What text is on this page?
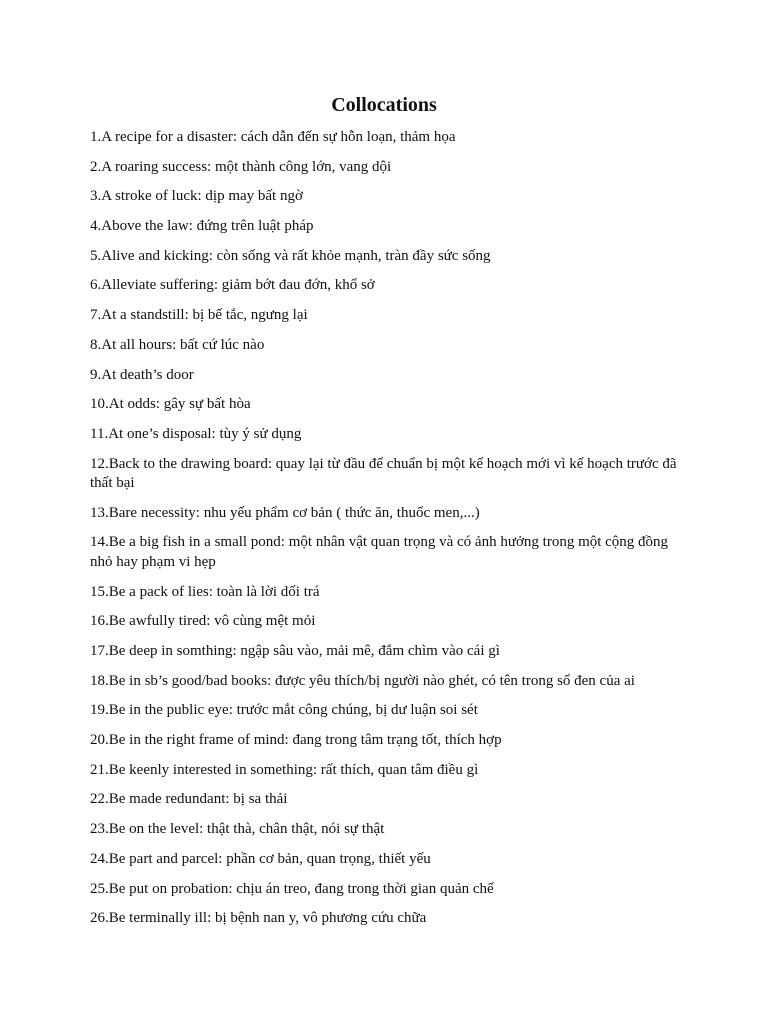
Collocations
1.A recipe for a disaster: cách dẫn đến sự hỗn loạn, thảm họa
2.A roaring success: một thành công lớn, vang dội
3.A stroke of luck: dịp may bất ngờ
4.Above the law: đứng trên luật pháp
5.Alive and kicking: còn sống và rất khỏe mạnh, tràn đầy sức sống
6.Alleviate suffering: giảm bớt đau đớn, khổ sở
7.At a standstill: bị bế tắc, ngưng lại
8.At all hours: bất cứ lúc nào
9.At death’s door
10.At odds: gây sự bất hòa
11.At one’s disposal: tùy ý sử dụng
12.Back to the drawing board: quay lại từ đầu để chuẩn bị một kế hoạch mới vì kế hoạch trước đã thất bại
13.Bare necessity: nhu yếu phẩm cơ bản ( thức ăn, thuốc men,...)
14.Be a big fish in a small pond: một nhân vật quan trọng và có ảnh hưởng trong một cộng đồng nhỏ hay phạm vi hẹp
15.Be a pack of lies: toàn là lời dối trá
16.Be awfully tired: vô cùng mệt mỏi
17.Be deep in somthing: ngập sâu vào, mải mê, đắm chìm vào cái gì
18.Be in sb’s good/bad books: được yêu thích/bị người nào ghét, có tên trong sổ đen của ai
19.Be in the public eye: trước mắt công chúng, bị dư luận soi sét
20.Be in the right frame of mind: đang trong tâm trạng tốt, thích hợp
21.Be keenly interested in something: rất thích, quan tâm điều gì
22.Be made redundant: bị sa thải
23.Be on the level: thật thà, chân thật, nói sự thật
24.Be part and parcel: phần cơ bản, quan trọng, thiết yếu
25.Be put on probation: chịu án treo, đang trong thời gian quản chế
26.Be terminally ill: bị bệnh nan y, vô phương cứu chữa
